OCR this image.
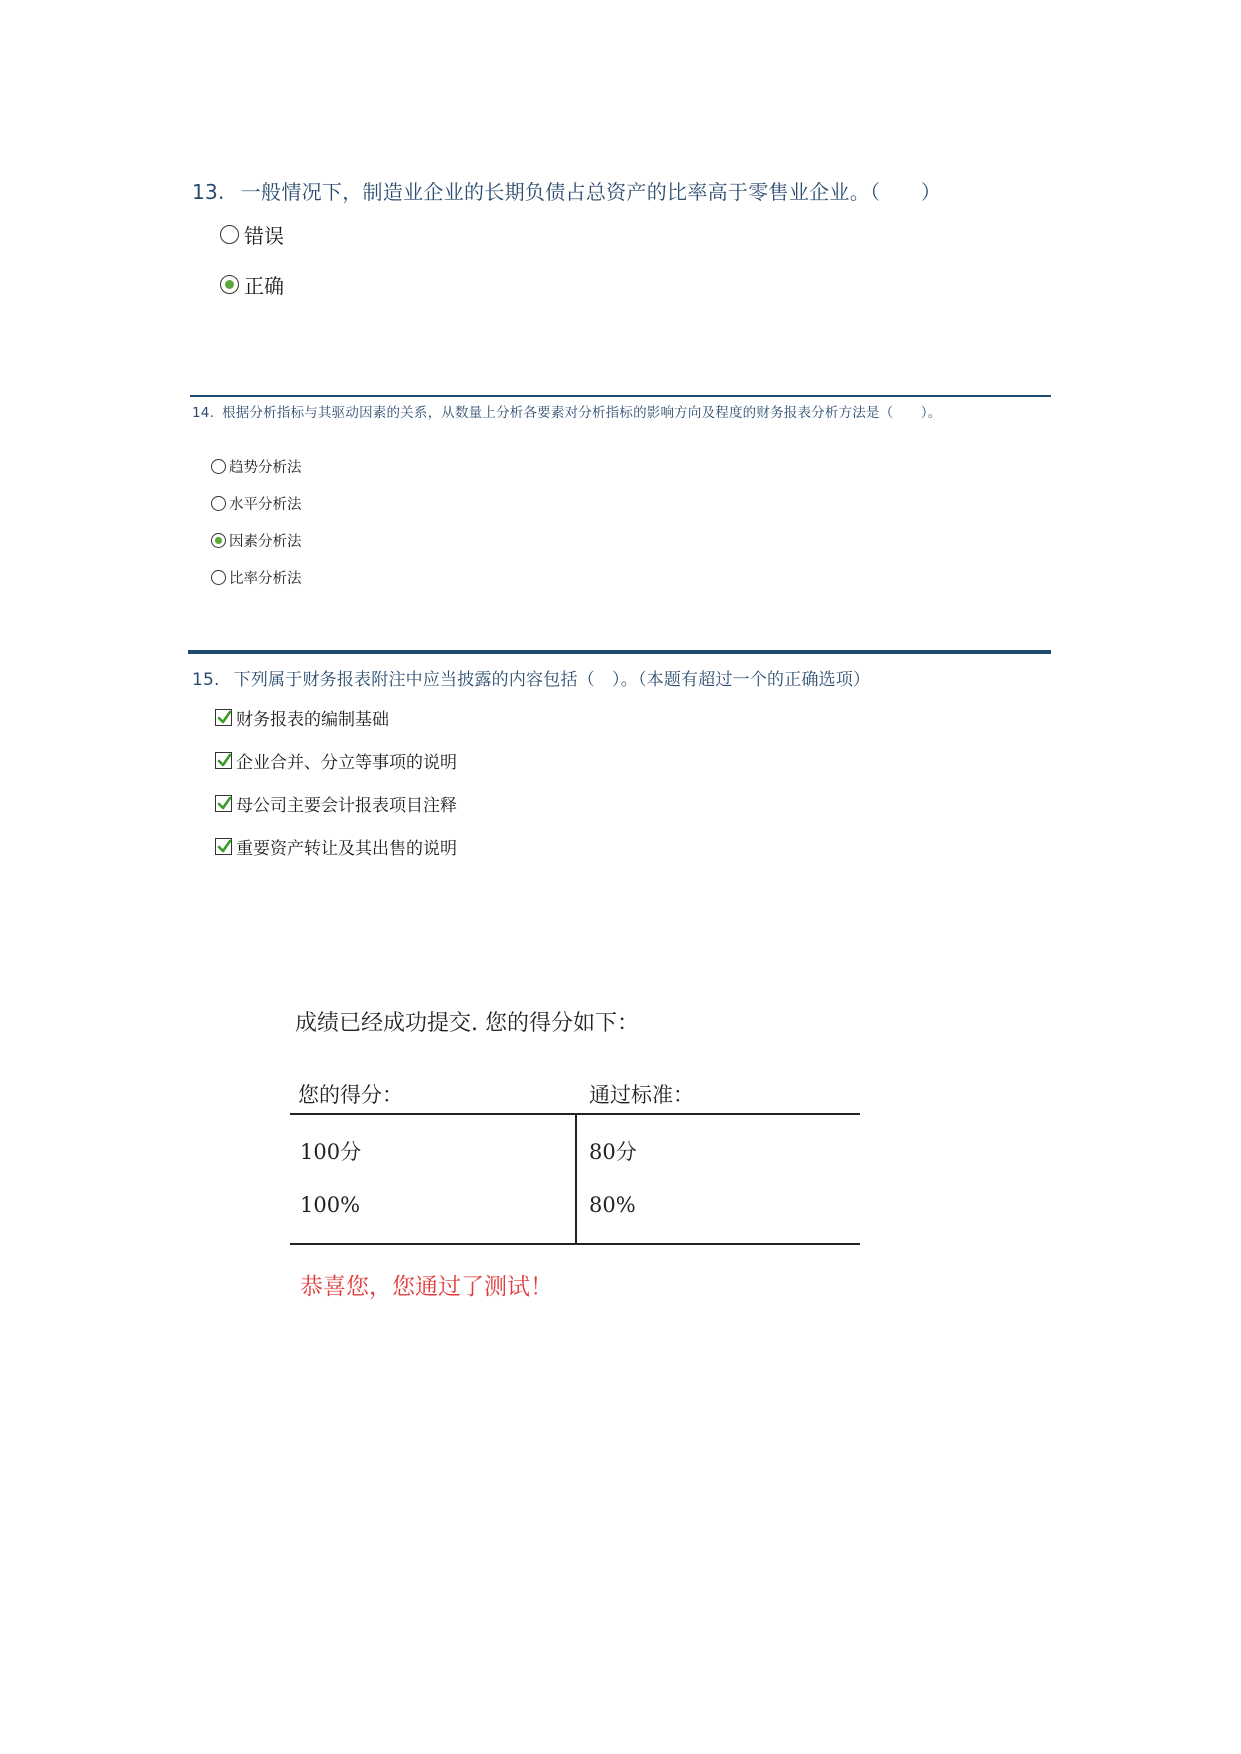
13. 一般情况下，制造业企业的长期负债占总资产的比率高于零售业企业。（　　）
错误
正确
14. 根据分析指标与其驱动因素的关系，从数量上分析各要素对分析指标的影响方向及程度的财务报表分析方法是（　　）。
趋势分析法
水平分析法
因素分析法
比率分析法
15. 下列属于财务报表附注中应当披露的内容包括（　）。（本题有超过一个的正确选项）
财务报表的编制基础
企业合并、分立等事项的说明
母公司主要会计报表项目注释
重要资产转让及其出售的说明
成绩已经成功提交. 您的得分如下：
您的得分：	通过标准：
100分	80分
100%	80%
恭喜您，您通过了测试！
